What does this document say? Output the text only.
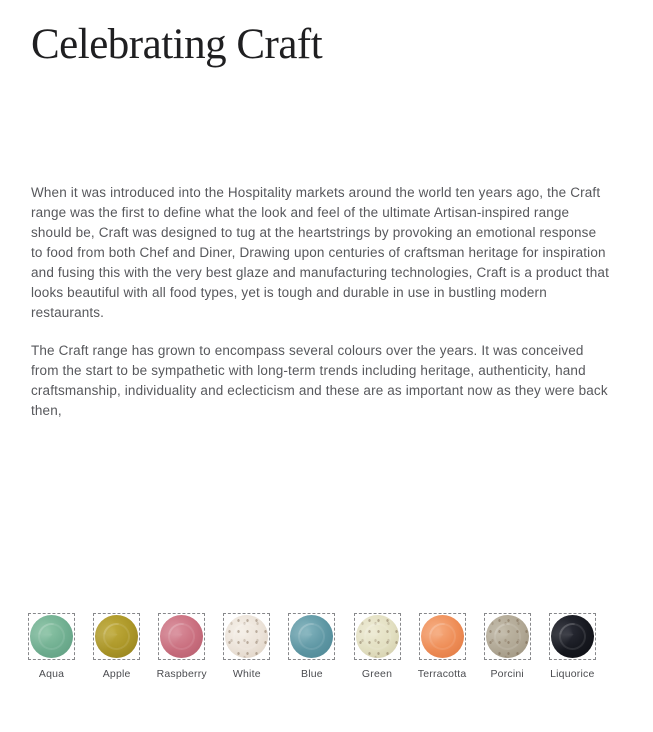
Celebrating Craft

When it was introduced into the Hospitality markets around the world ten years ago, the Craft range was the first to define what the look and feel of the ultimate Artisan-inspired range should be, Craft was designed to tug at the heartstrings by provoking an emotional response to food from both Chef and Diner, Drawing upon centuries of craftsman heritage for inspiration and fusing this with the very best glaze and manufacturing technologies, Craft is a product that looks beautiful with all food types, yet is tough and durable in use in bustling modern restaurants.

The Craft range has grown to encompass several colours over the years. It was conceived from the start to be sympathetic with long-term trends including heritage, authenticity, hand craftsmanship, individuality and eclecticism and these are as important now as they were back then,

Aqua	Apple Raspberry White	Blue	Green Terracotta Porcini Liquorice
